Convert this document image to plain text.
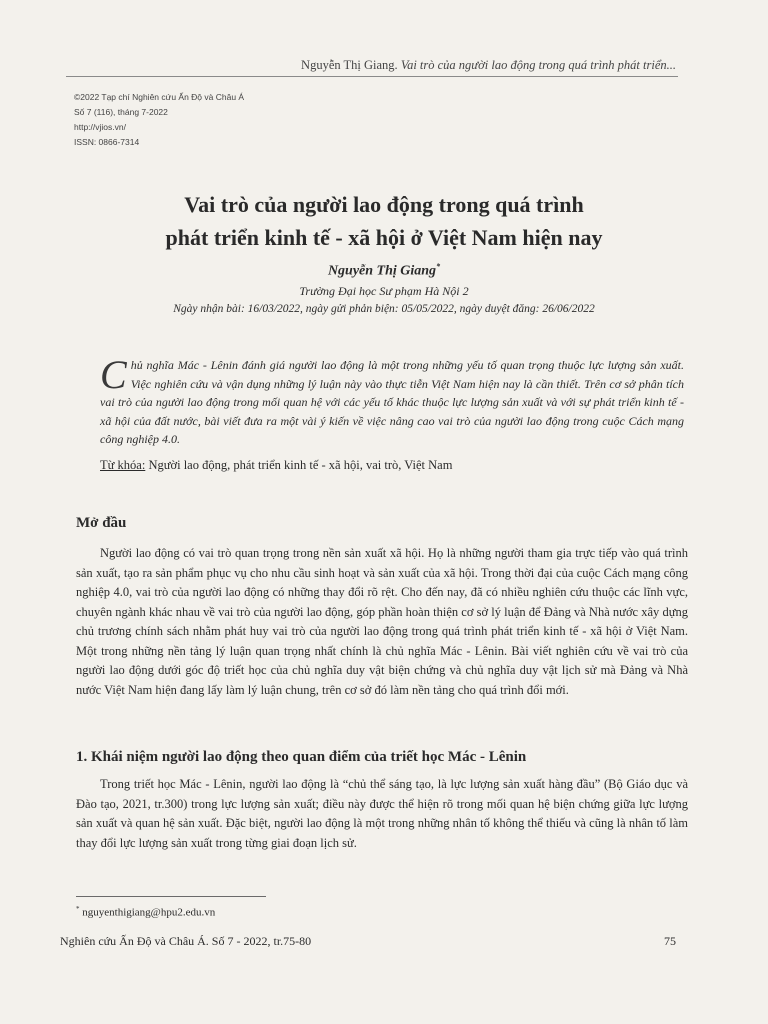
Nguyễn Thị Giang. Vai trò của người lao động trong quá trình phát triển...
©2022 Tạp chí Nghiên cứu Ấn Độ và Châu Á
Số 7 (116), tháng 7-2022
http://vjios.vn/
ISSN: 0866-7314
Vai trò của người lao động trong quá trình
phát triển kinh tế - xã hội ở Việt Nam hiện nay
Nguyễn Thị Giang*
Trường Đại học Sư phạm Hà Nội 2
Ngày nhận bài: 16/03/2022, ngày gửi phản biện: 05/05/2022, ngày duyệt đăng: 26/06/2022
Chủ nghĩa Mác - Lênin đánh giá người lao động là một trong những yếu tố quan trọng thuộc lực lượng sản xuất. Việc nghiên cứu và vận dụng những lý luận này vào thực tiễn Việt Nam hiện nay là cần thiết. Trên cơ sở phân tích vai trò của người lao động trong mối quan hệ với các yếu tố khác thuộc lực lượng sản xuất và với sự phát triển kinh tế - xã hội của đất nước, bài viết đưa ra một vài ý kiến về việc nâng cao vai trò của người lao động trong cuộc Cách mạng công nghiệp 4.0.
Từ khóa: Người lao động, phát triển kinh tế - xã hội, vai trò, Việt Nam
Mở đầu
Người lao động có vai trò quan trọng trong nền sản xuất xã hội. Họ là những người tham gia trực tiếp vào quá trình sản xuất, tạo ra sản phẩm phục vụ cho nhu cầu sinh hoạt và sản xuất của xã hội. Trong thời đại của cuộc Cách mạng công nghiệp 4.0, vai trò của người lao động có những thay đổi rõ rệt. Cho đến nay, đã có nhiều nghiên cứu thuộc các lĩnh vực, chuyên ngành khác nhau về vai trò của người lao động, góp phần hoàn thiện cơ sở lý luận để Đảng và Nhà nước xây dựng chủ trương chính sách nhằm phát huy vai trò của người lao động trong quá trình phát triển kinh tế - xã hội ở Việt Nam. Một trong những nền tảng lý luận quan trọng nhất chính là chủ nghĩa Mác - Lênin. Bài viết nghiên cứu về vai trò của người lao động dưới góc độ triết học của chủ nghĩa duy vật biện chứng và chủ nghĩa duy vật lịch sử mà Đảng và Nhà nước Việt Nam hiện đang lấy làm lý luận chung, trên cơ sở đó làm nền tảng cho quá trình đổi mới.
1. Khái niệm người lao động theo quan điểm của triết học Mác - Lênin
Trong triết học Mác - Lênin, người lao động là “chủ thể sáng tạo, là lực lượng sản xuất hàng đầu” (Bộ Giáo dục và Đào tạo, 2021, tr.300) trong lực lượng sản xuất; điều này được thể hiện rõ trong mối quan hệ biện chứng giữa lực lượng sản xuất và quan hệ sản xuất. Đặc biệt, người lao động là một trong những nhân tố không thể thiếu và cũng là nhân tố làm thay đổi lực lượng sản xuất trong từng giai đoạn lịch sử.
* nguyenthigiang@hpu2.edu.vn
Nghiên cứu Ấn Độ và Châu Á. Số 7 - 2022, tr.75-80	75
